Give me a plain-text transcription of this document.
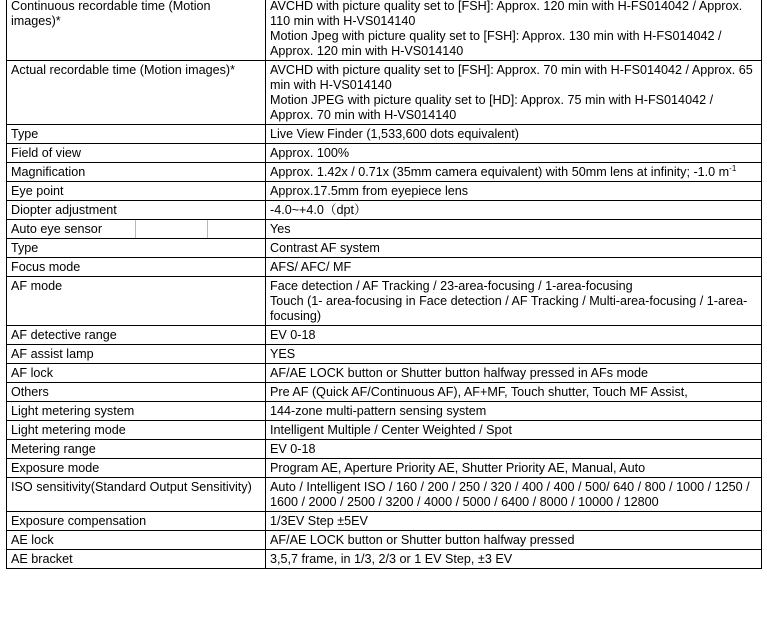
Continuous recordable time (Motion images)*	AVCHD with picture quality set to [FSH]: Approx. 120 min with H-FS014042 / Approx. 110 min with H-VS014140
Motion Jpeg with picture quality set to [FSH]: Approx. 130 min with H-FS014042 / Approx. 120 min with H-VS014140

Actual recordable time (Motion images)*	AVCHD with picture quality set to [FSH]: Approx. 70 min with H-FS014042 / Approx. 65 min with H-VS014140
Motion JPEG with picture quality set to [HD]: Approx. 75 min with H-FS014042 / Approx. 70 min with H-VS014140

Type	Live View Finder (1,533,600 dots equivalent)

Field of view	Approx. 100%

Magnification	Approx. 1.42x / 0.71x (35mm camera equivalent) with 50mm lens at infinity; -1.0 $m^{-1}$

Eye point	Approx.17.5mm from eyepiece lens

Diopter adjustment	-4.0~+4.0（dpt）

Auto eye sensor	Yes

Type	Contrast AF system

Focus mode	AFS/ AFC/ MF

AF mode	Face detection / AF Tracking / 23-area-focusing / 1-area-focusing
Touch (1- area-focusing in Face detection / AF Tracking / Multi-area-focusing / 1-area-focusing)

AF detective range	EV 0-18

AF assist lamp	YES

AF lock	AF/AE LOCK button or Shutter button halfway pressed in AFs mode

Others	Pre AF (Quick AF/Continuous AF), AF+MF, Touch shutter, Touch MF Assist,

Light metering system	144-zone multi-pattern sensing system

Light metering mode	Intelligent Multiple / Center Weighted / Spot

Metering range	EV 0-18

Exposure mode	Program AE, Aperture Priority AE, Shutter Priority AE, Manual, Auto

ISO sensitivity(Standard Output Sensitivity)	Auto / Intelligent ISO / 160 / 200 / 250 / 320 / 400 / 400 / 500/ 640 / 800 / 1000 / 1250 / 1600 / 2000 / 2500 / 3200 / 4000 / 5000 / 6400 / 8000 / 10000 / 12800

Exposure compensation	1/3EV Step ±5EV

AE lock	AF/AE LOCK button or Shutter button halfway pressed

AE bracket	3,5,7 frame, in 1/3, 2/3 or 1 EV Step, ±3 EV
